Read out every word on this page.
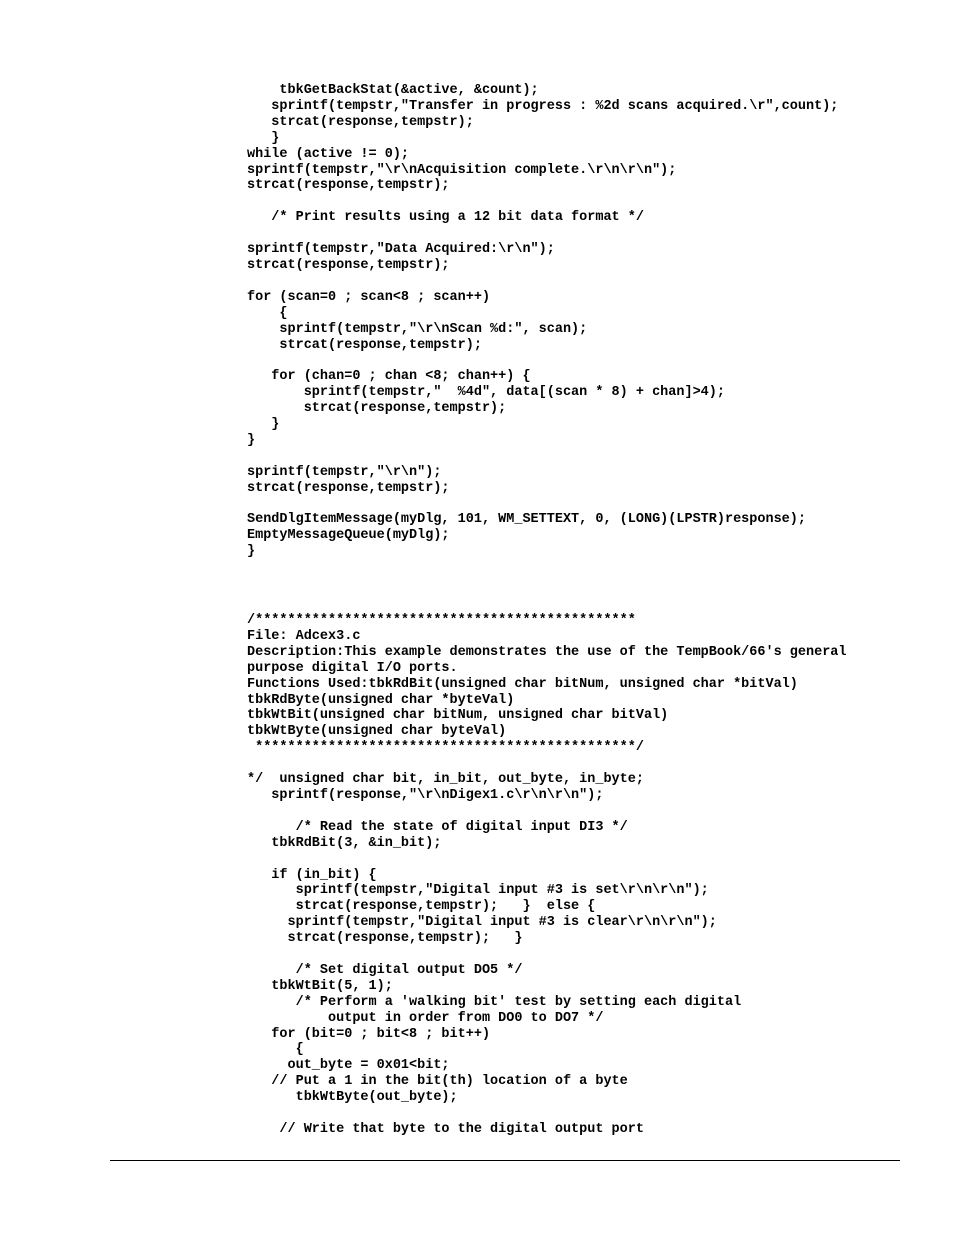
tbkGetBackStat(&active, &count);
sprintf(tempstr,"Transfer in progress : %2d scans acquired.\r",count);
strcat(response,tempstr);
}
while (active != 0);
sprintf(tempstr,"\r\nAcquisition complete.\r\n\r\n");
strcat(response,tempstr);

/* Print results using a 12 bit data format */

sprintf(tempstr,"Data Acquired:\r\n");
strcat(response,tempstr);

for (scan=0 ; scan<8 ; scan++)
{
sprintf(tempstr,"\r\nScan %d:", scan);
strcat(response,tempstr);

for (chan=0 ; chan <8; chan++) {
sprintf(tempstr,"  %4d", data[(scan * 8) + chan]>4);
strcat(response,tempstr);
}
}

sprintf(tempstr,"\r\n");
strcat(response,tempstr);

SendDlgItemMessage(myDlg, 101, WM_SETTEXT, 0, (LONG)(LPSTR)response);
EmptyMessageQueue(myDlg);
}
/***********************************************
File: Adcex3.c
Description:This example demonstrates the use of the TempBook/66's general
purpose digital I/O ports.
Functions Used:tbkRdBit(unsigned char bitNum, unsigned char *bitVal)
tbkRdByte(unsigned char *byteVal)
tbkWtBit(unsigned char bitNum, unsigned char bitVal)
tbkWtByte(unsigned char byteVal)
***********************************************/

*/  unsigned char bit, in_bit, out_byte, in_byte;
sprintf(response,"\r\nDigex1.c\r\n\r\n");

/* Read the state of digital input DI3 */
tbkRdBit(3, &in_bit);

if (in_bit) {
sprintf(tempstr,"Digital input #3 is set\r\n\r\n");
strcat(response,tempstr);   }  else {
sprintf(tempstr,"Digital input #3 is clear\r\n\r\n");
strcat(response,tempstr);   }

/* Set digital output DO5 */
tbkWtBit(5, 1);
/* Perform a 'walking bit' test by setting each digital
output in order from DO0 to DO7 */
for (bit=0 ; bit<8 ; bit++)
{
out_byte = 0x01<bit;
// Put a 1 in the bit(th) location of a byte
tbkWtByte(out_byte);

// Write that byte to the digital output port
